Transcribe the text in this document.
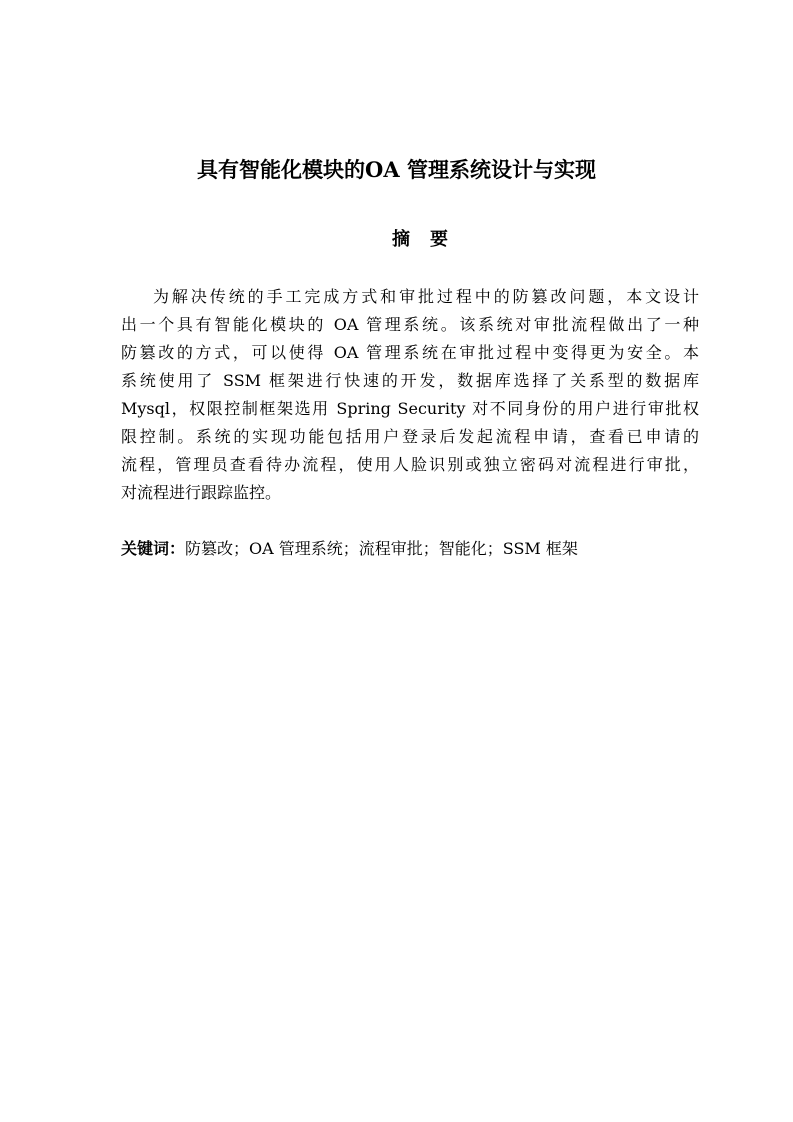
具有智能化模块的OA 管理系统设计与实现
摘要
为解决传统的手工完成方式和审批过程中的防篡改问题，本文设计
出一个具有智能化模块的 OA 管理系统。该系统对审批流程做出了一种
防篡改的方式，可以使得 OA 管理系统在审批过程中变得更为安全。本
系统使用了 SSM 框架进行快速的开发，数据库选择了关系型的数据库
Mysql，权限控制框架选用 Spring Security 对不同身份的用户进行审批权
限控制。系统的实现功能包括用户登录后发起流程申请，查看已申请的
流程，管理员查看待办流程，使用人脸识别或独立密码对流程进行审批，
对流程进行跟踪监控。
关键词：防篡改；OA 管理系统；流程审批；智能化；SSM 框架
